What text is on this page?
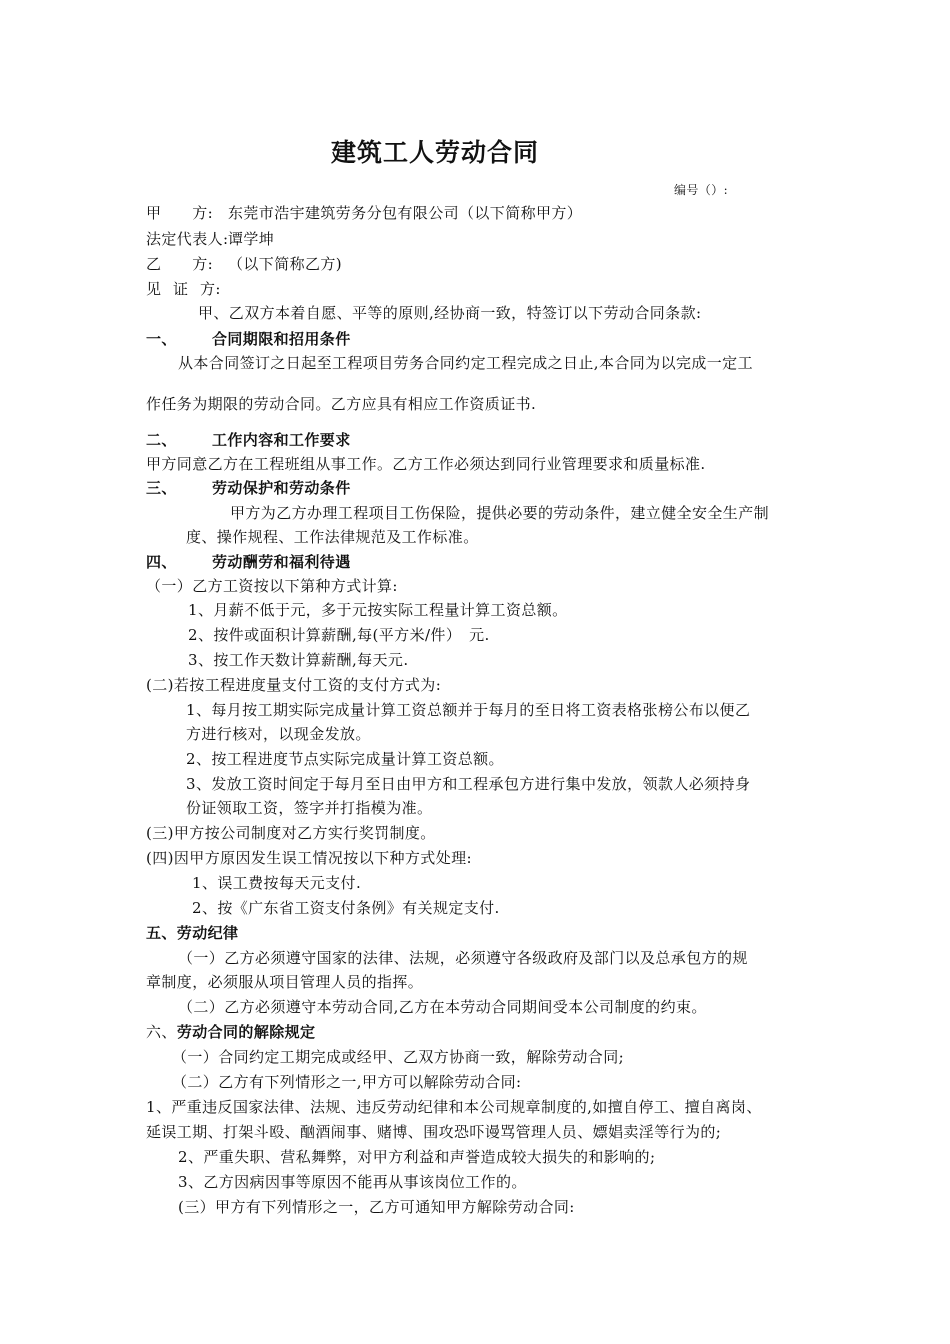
建筑工人劳动合同
编号（）:
甲　　方: 东莞市浩宇建筑劳务分包有限公司（以下简称甲方）
法定代表人:谭学坤
乙　　方: （以下简称乙方)
见 证 方:
甲、乙双方本着自愿、平等的原则,经协商一致，特签订以下劳动合同条款:
一、 合同期限和招用条件
从本合同签订之日起至工程项目劳务合同约定工程完成之日止,本合同为以完成一定工
作任务为期限的劳动合同。乙方应具有相应工作资质证书.
二、 工作内容和工作要求
甲方同意乙方在工程班组从事工作。乙方工作必须达到同行业管理要求和质量标准.
三、 劳动保护和劳动条件
甲方为乙方办理工程项目工伤保险，提供必要的劳动条件，建立健全安全生产制
度、操作规程、工作法律规范及工作标准。
四、 劳动酬劳和福利待遇
（一）乙方工资按以下第种方式计算:
1、月薪不低于元，多于元按实际工程量计算工资总额。
2、按件或面积计算薪酬,每(平方米/件）　元.
3、按工作天数计算薪酬,每天元.
(二)若按工程进度量支付工资的支付方式为:
1、每月按工期实际完成量计算工资总额并于每月的至日将工资表格张榜公布以便乙
方进行核对，以现金发放。
2、按工程进度节点实际完成量计算工资总额。
3、发放工资时间定于每月至日由甲方和工程承包方进行集中发放，领款人必须持身
份证领取工资，签字并打指模为准。
(三)甲方按公司制度对乙方实行奖罚制度。
(四)因甲方原因发生误工情况按以下种方式处理:
1、误工费按每天元支付.
2、按《广东省工资支付条例》有关规定支付.
五、劳动纪律
（一）乙方必须遵守国家的法律、法规，必须遵守各级政府及部门以及总承包方的规
章制度，必须服从项目管理人员的指挥。
（二）乙方必须遵守本劳动合同,乙方在本劳动合同期间受本公司制度的约束。
六、劳动合同的解除规定
（一）合同约定工期完成或经甲、乙双方协商一致，解除劳动合同;
（二）乙方有下列情形之一,甲方可以解除劳动合同:
1、严重违反国家法律、法规、违反劳动纪律和本公司规章制度的,如擅自停工、擅自离岗、
延误工期、打架斗殴、酗酒闹事、赌博、围攻恐吓谩骂管理人员、嫖娼卖淫等行为的;
2、严重失职、营私舞弊，对甲方利益和声誉造成较大损失的和影响的;
3、乙方因病因事等原因不能再从事该岗位工作的。
(三）甲方有下列情形之一，乙方可通知甲方解除劳动合同:
